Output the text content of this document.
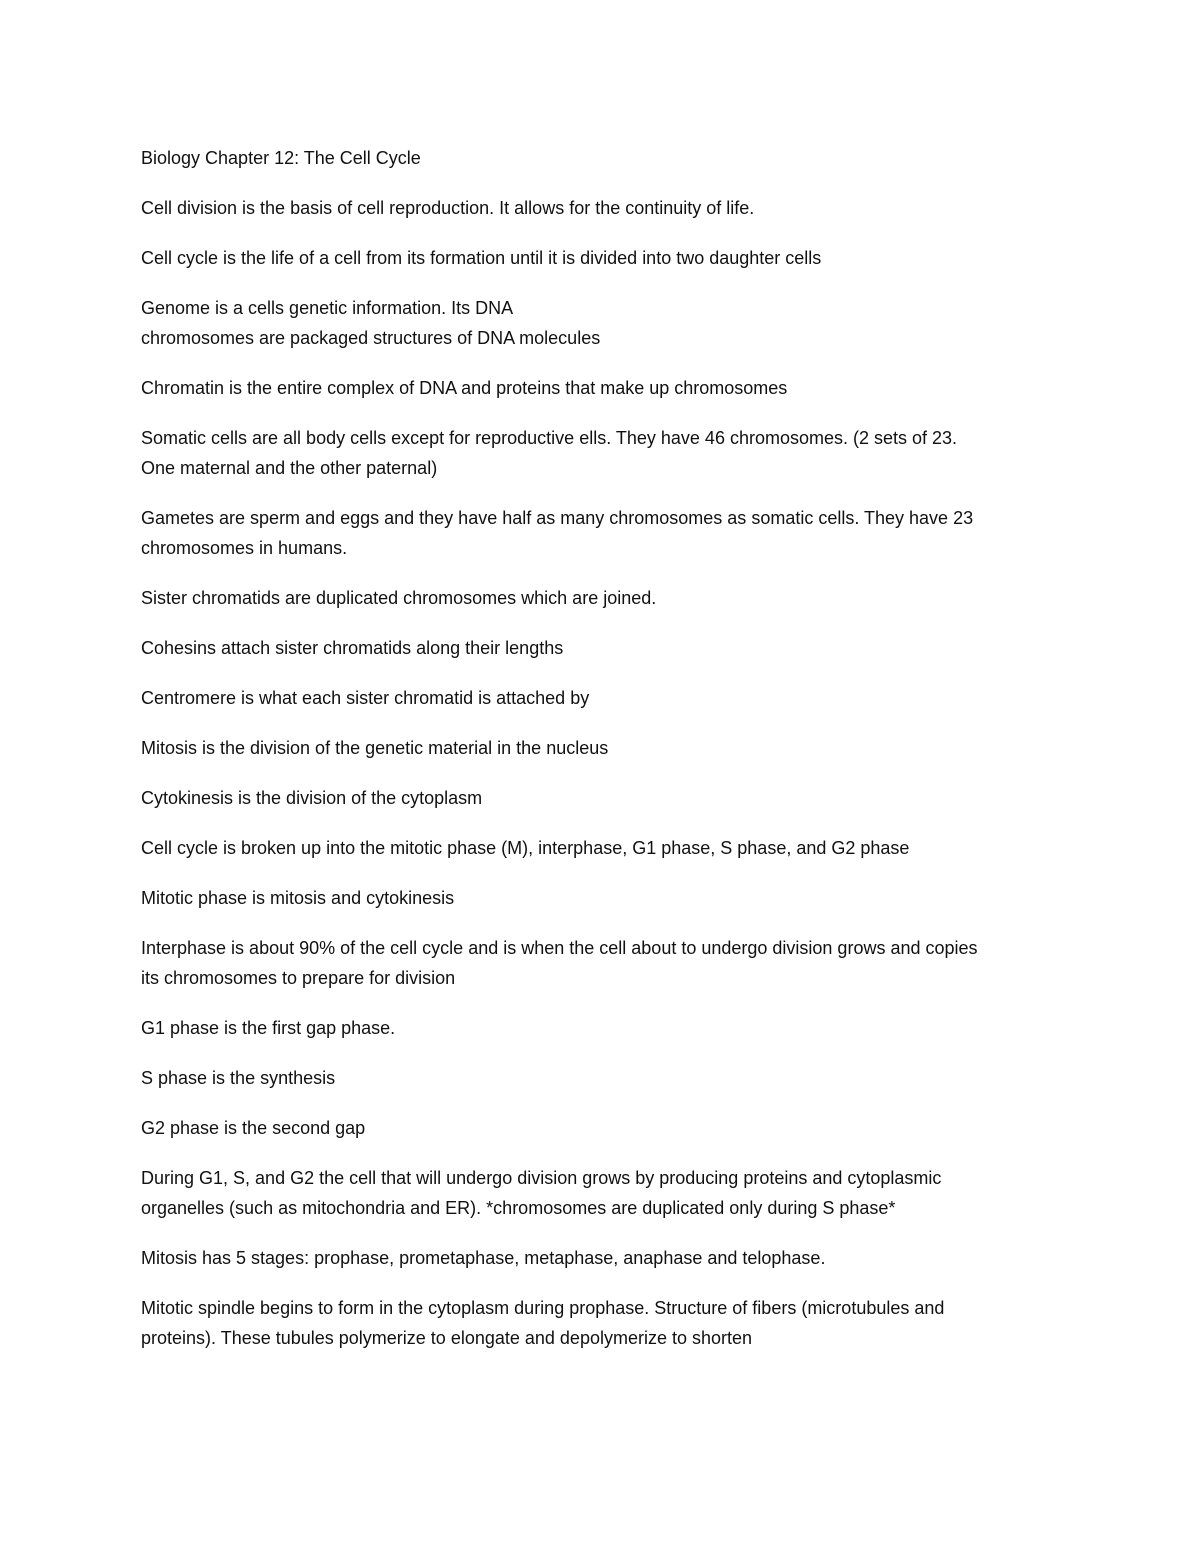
Biology Chapter 12: The Cell Cycle
Cell division is the basis of cell reproduction. It allows for the continuity of life.
Cell cycle is the life of a cell from its formation until it is divided into two daughter cells
Genome is a cells genetic information. Its DNA
chromosomes are packaged structures of DNA molecules
Chromatin is the entire complex of DNA and proteins that make up chromosomes
Somatic cells are all body cells except for reproductive ells. They have 46 chromosomes. (2 sets of 23.
One maternal and the other paternal)
Gametes are sperm and eggs and they have half as many chromosomes as somatic cells. They have 23
chromosomes in humans.
Sister chromatids are duplicated chromosomes which are joined.
Cohesins attach sister chromatids along their lengths
Centromere is what each sister chromatid is attached by
Mitosis is the division of the genetic material in the nucleus
Cytokinesis is the division of the cytoplasm
Cell cycle is broken up into the mitotic phase (M), interphase, G1 phase, S phase, and G2 phase
Mitotic phase is mitosis and cytokinesis
Interphase is about 90% of the cell cycle and is when the cell about to undergo division grows and copies
its chromosomes to prepare for division
G1 phase is the first gap phase.
S phase is the synthesis
G2 phase is the second gap
During G1, S, and G2 the cell that will undergo division grows by producing proteins and cytoplasmic
organelles (such as mitochondria and ER). *chromosomes are duplicated only during S phase*
Mitosis has 5 stages: prophase, prometaphase, metaphase, anaphase and telophase.
Mitotic spindle begins to form in the cytoplasm during prophase. Structure of fibers (microtubules and
proteins). These tubules polymerize to elongate and depolymerize to shorten
